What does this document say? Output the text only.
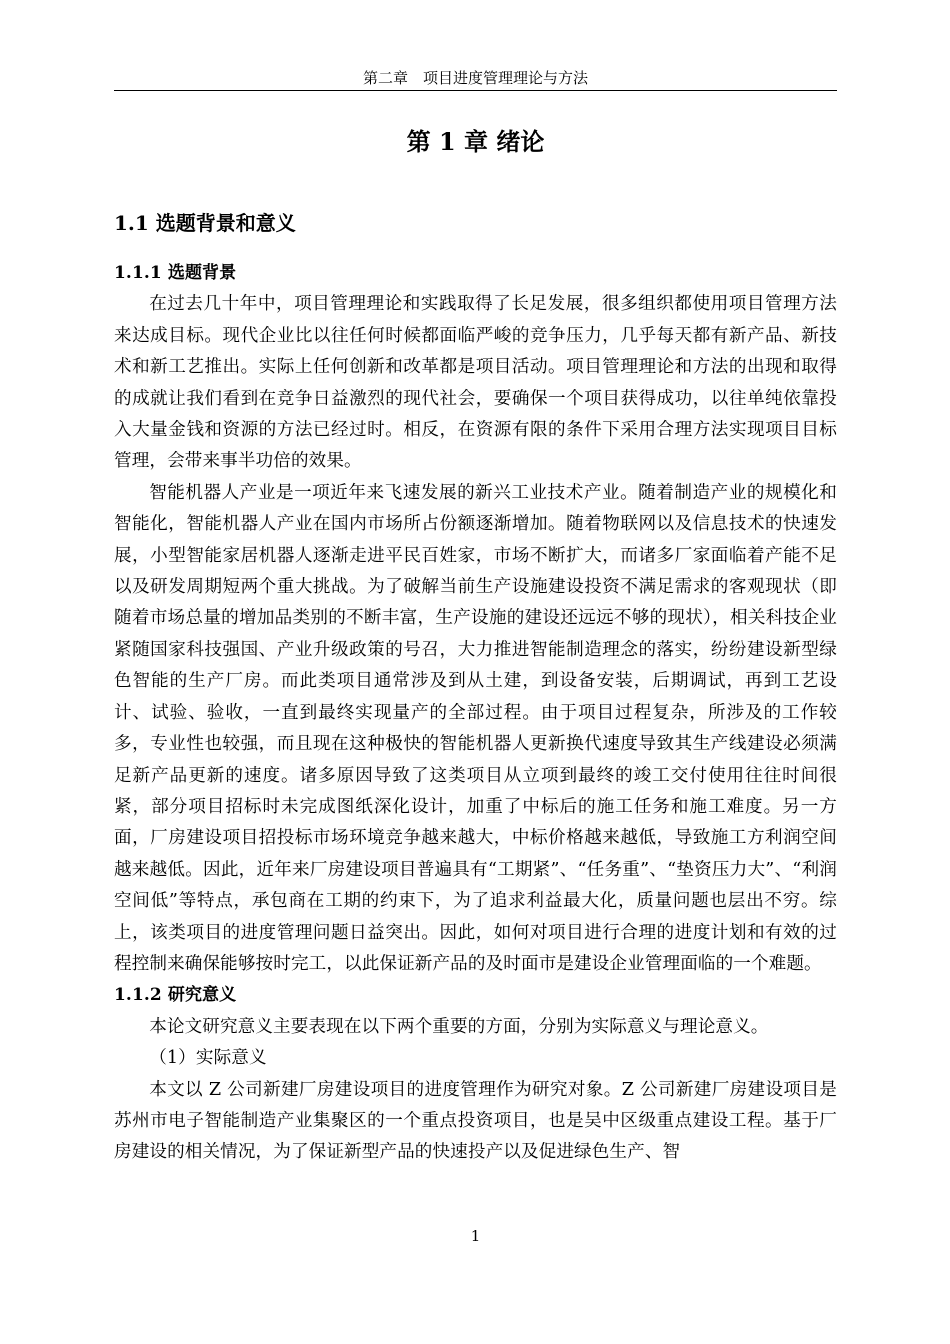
第二章　项目进度管理理论与方法
第 1 章 绪论
1.1 选题背景和意义

1.1.1 选题背景

在过去几十年中，项目管理理论和实践取得了长足发展，很多组织都使用项目管理方法来达成目标。现代企业比以往任何时候都面临严峻的竞争压力，几乎每天都有新产品、新技术和新工艺推出。实际上任何创新和改革都是项目活动。项目管理理论和方法的出现和取得的成就让我们看到在竞争日益激烈的现代社会，要确保一个项目获得成功，以往单纯依靠投入大量金钱和资源的方法已经过时。相反，在资源有限的条件下采用合理方法实现项目目标管理，会带来事半功倍的效果。

智能机器人产业是一项近年来飞速发展的新兴工业技术产业。随着制造产业的规模化和智能化，智能机器人产业在国内市场所占份额逐渐增加。随着物联网以及信息技术的快速发展，小型智能家居机器人逐渐走进平民百姓家，市场不断扩大，而诸多厂家面临着产能不足以及研发周期短两个重大挑战。为了破解当前生产设施建设投资不满足需求的客观现状（即随着市场总量的增加品类别的不断丰富，生产设施的建设还远远不够的现状），相关科技企业紧随国家科技强国、产业升级政策的号召，大力推进智能制造理念的落实，纷纷建设新型绿色智能的生产厂房。而此类项目通常涉及到从土建，到设备安装，后期调试，再到工艺设计、试验、验收，一直到最终实现量产的全部过程。由于项目过程复杂，所涉及的工作较多，专业性也较强，而且现在这种极快的智能机器人更新换代速度导致其生产线建设必须满足新产品更新的速度。诸多原因导致了这类项目从立项到最终的竣工交付使用往往时间很紧，部分项目招标时未完成图纸深化设计，加重了中标后的施工任务和施工难度。另一方面，厂房建设项目招投标市场环境竞争越来越大，中标价格越来越低，导致施工方利润空间越来越低。因此，近年来厂房建设项目普遍具有“工期紧”、“任务重”、“垫资压力大”、“利润空间低”等特点，承包商在工期的约束下，为了追求利益最大化，质量问题也层出不穷。综上，该类项目的进度管理问题日益突出。因此，如何对项目进行合理的进度计划和有效的过程控制来确保能够按时完工，以此保证新产品的及时面市是建设企业管理面临的一个难题。

1.1.2 研究意义

本论文研究意义主要表现在以下两个重要的方面，分别为实际意义与理论意义。

（1）实际意义

本文以 Z 公司新建厂房建设项目的进度管理作为研究对象。Z 公司新建厂房建设项目是苏州市电子智能制造产业集聚区的一个重点投资项目，也是吴中区级重点建设工程。基于厂房建设的相关情况，为了保证新型产品的快速投产以及促进绿色生产、智

1
